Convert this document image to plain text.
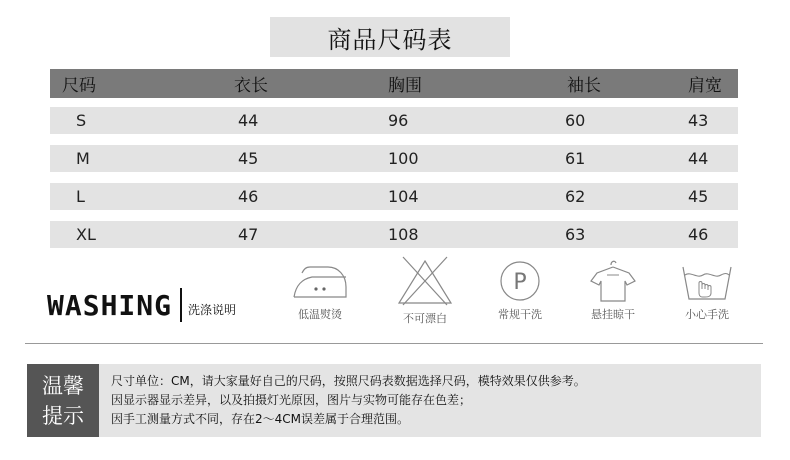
商品尺码表
尺码	衣长	胸围	袖长	肩宽
S	44	96	60	43
M	45	100	61	44
L	46	104	62	45
XL	47	108	63	46
WASHING 洗涤说明	低温熨烫	不可漂白
P
常规干洗	悬挂晾干	小心手洗
温馨
提示
尺寸单位：CM，请大家量好自己的尺码，按照尺码表数据选择尺码，模特效果仅供参考。
因显示器显示差异，以及拍摄灯光原因，图片与实物可能存在色差；
因手工测量方式不同，存在2～4CM误差属于合理范围。
